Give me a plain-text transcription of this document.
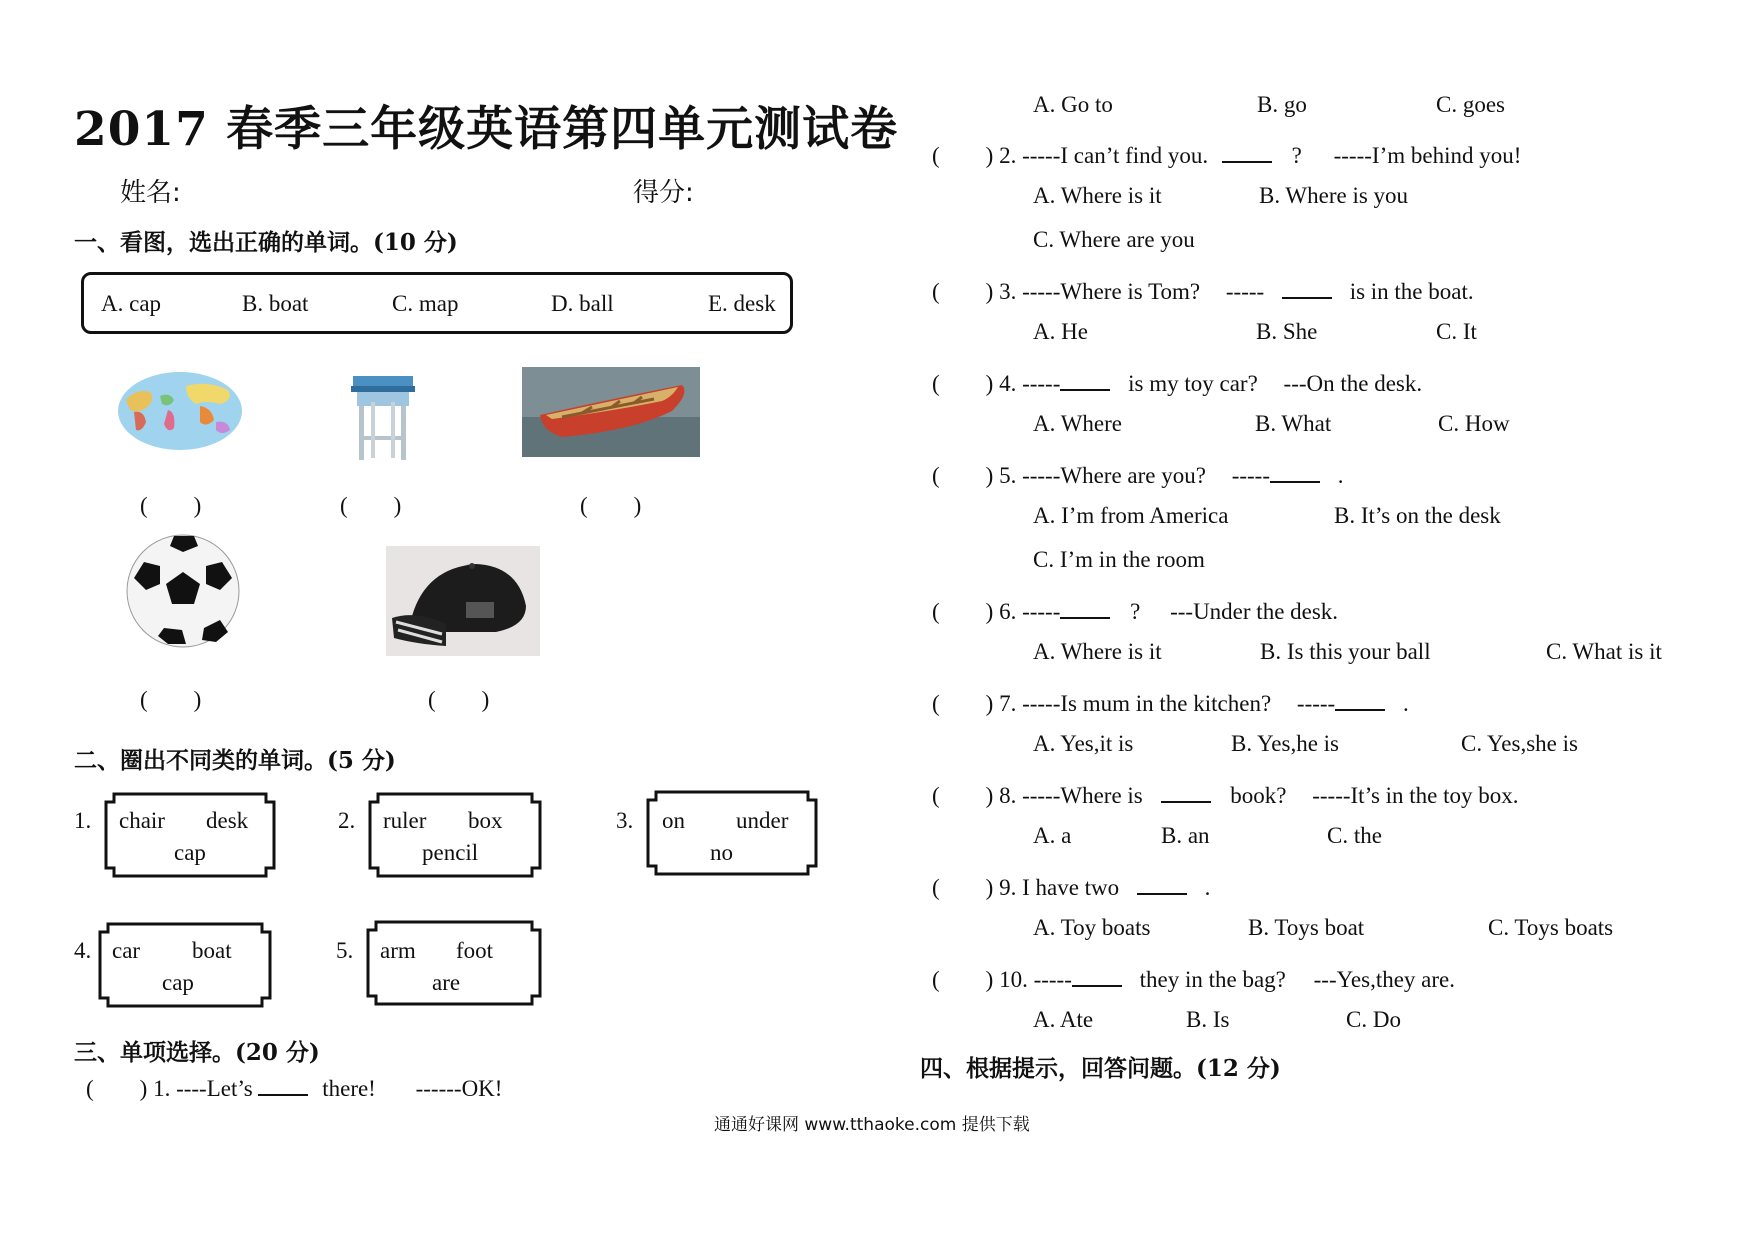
2017 春季三年级英语第四单元测试卷
姓名:	得分:
一、看图，选出正确的单词。(10 分)
A. cap	B. boat	C. map	D. ball	E. desk
(　　)	(　　)	(　　)
(　　)	(　　)
二、圈出不同类的单词。(5 分)
1. chair desk
cap
2. ruler box
pencil
3. on under
no
4. car boat
cap
5. arm foot
are
三、单项选择。(20 分)
(　　) 1. ----Let’s	there! ------OK!
A. Go to	B. go	C. goes
(　　) 2. -----I can’t find you.	? -----I’m behind you!
A. Where is it	B. Where is you
C. Where are you
(　　) 3. -----Where is Tom? -----	is in the boat.
A. He	B. She	C. It
(　　) 4. -----	is my toy car? ---On the desk.
A. Where	B. What	C. How
(　　) 5. -----Where are you? -----	.
A. I’m from America	B. It’s on the desk
C. I’m in the room
(　　) 6. -----	? ---Under the desk.
A. Where is it	B. Is this your ball	C. What is it
(　　) 7. -----Is mum in the kitchen? -----	.
A. Yes,it is	B. Yes,he is	C. Yes,she is
(　　) 8. -----Where is	book? -----It’s in the toy box.
A. a	B. an	C. the
(　　) 9. I have two	.
A. Toy boats	B. Toys boat	C. Toys boats
(　　) 10. -----	they in the bag? ---Yes,they are.
A. Ate	B. Is	C. Do
四、根据提示，回答问题。(12 分)
通通好课网 www.tthaoke.com 提供下载
